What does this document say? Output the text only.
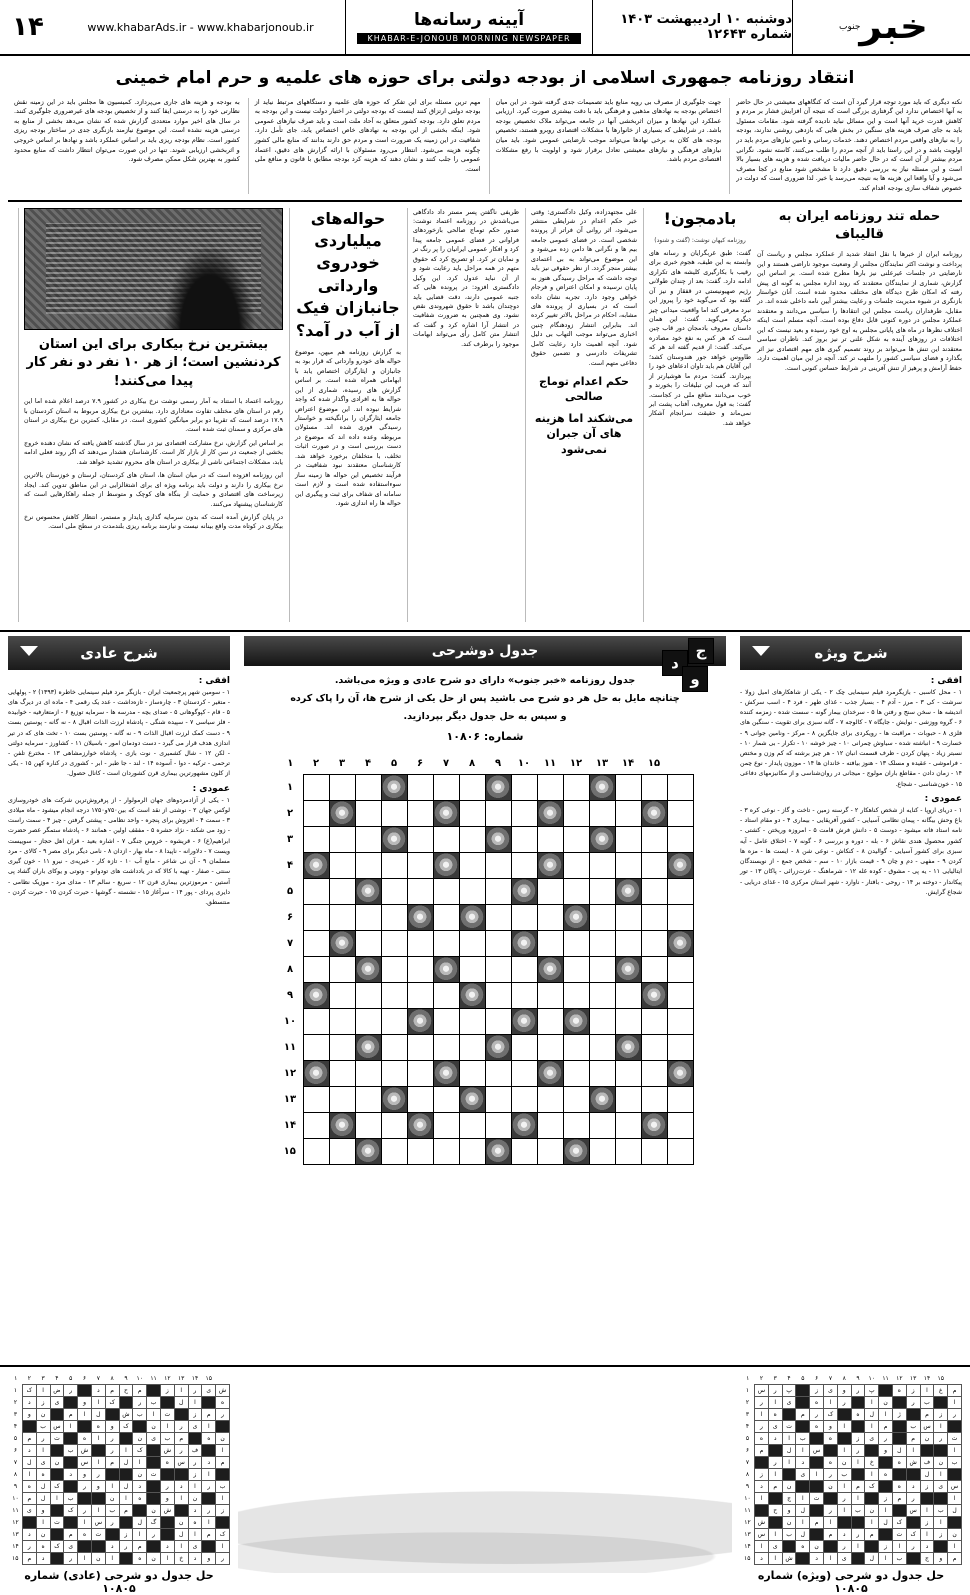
خبر
جنوب
دوشنبه ۱۰ اردیبهشت ۱۴۰۳ شماره ۱۲۶۴۳
آیینه رسانه‌ها
KHABAR-E-JONOUB MORNING NEWSPAPER
www.khabarAds.ir - www.khabarjonoub.ir
۱۴
انتقاد روزنامه جمهوری اسلامی از بودجه دولتی برای حوزه های علمیه و حرم امام خمینی
نکته دیگری که باید مورد توجه قرار گیرد آن است که کنگاههای معیشتی در حال حاضر به آنها اختصاص ندارد این گرفتاری بزرگی است که نتیجه آن افزایش فشار بر مردم و کاهش قدرت خرید آنها است و این مسائل نباید نادیده گرفته شود. مقامات مسئول باید به جای صرف هزینه های سنگین در بخش هایی که بازدهی روشنی ندارند، بودجه را به نیازهای واقعی مردم اختصاص دهند. خدمات رسانی و تامین نیازهای مردم باید در اولویت باشد و در این راستا باید از آنچه مردم را طلب می‌کنند، کاسته نشود. نگرانی مردم بیشتر از آن است که در حال حاضر مالیات دریافت شده و هزینه های بسیار بالا است و این مسئله نیاز به بررسی دقیق دارد تا مشخص شود منابع در کجا مصرف می‌شود و آیا واقعا این هزینه ها به نتیجه می‌رسد یا خیر. لذا ضروری است که دولت در خصوص شفاف سازی بودجه اقدام کند.
جهت جلوگیری از مصرف بی رویه منابع باید تصمیمات جدی گرفته شود. در این میان اختصاص بودجه به نهادهای مذهبی و فرهنگی باید با دقت بیشتری صورت گیرد. ارزیابی عملکرد این نهادها و میزان اثربخشی آنها در جامعه می‌تواند ملاک تخصیص بودجه باشد. در شرایطی که بسیاری از خانوارها با مشکلات اقتصادی روبرو هستند، تخصیص بودجه های کلان به برخی نهادها می‌تواند موجب نارضایتی عمومی شود. باید میان نیازهای فرهنگی و نیازهای معیشتی تعادل برقرار شود و اولویت با رفع مشکلات اقتصادی مردم باشد.
مهم ترین مسئله برای این تفکر که حوزه های علمیه و دستگاههای مرتبط نیاید از بودجه دولتی ارتزاق کنند اینست که بودجه دولتی در اختیار دولت نیست و این بودجه به مردم تعلق دارد. بودجه کشور متعلق به آحاد ملت است و باید صرف نیازهای عمومی شود. اینکه بخشی از این بودجه به نهادهای خاص اختصاص یابد، جای تأمل دارد. شفافیت در این زمینه یک ضرورت است و مردم حق دارند بدانند که منابع مالی کشور چگونه هزینه می‌شود. انتظار می‌رود مسئولان با ارائه گزارش های دقیق، اعتماد عمومی را جلب کنند و نشان دهند که هزینه کرد بودجه مطابق با قانون و منافع ملی است.
به بودجه و هزینه های جاری می‌پردازد. کمیسیون ها مجلس باید در این زمینه نقش نظارتی خود را به درستی ایفا کنند و از تخصیص بودجه های غیرضروری جلوگیری کنند. در سال های اخیر موارد متعددی گزارش شده که نشان می‌دهد بخشی از منابع به درستی هزینه نشده است. این موضوع نیازمند بازنگری جدی در ساختار بودجه ریزی کشور است. نظام بودجه ریزی باید بر اساس عملکرد باشد و نهادها بر اساس خروجی و اثربخشی ارزیابی شوند. تنها در این صورت می‌توان انتظار داشت که منابع محدود کشور به بهترین شکل ممکن مصرف شود.
حمله تند روزنامه ایران به قالیباف
روزنامه ایران از خبرها با نقل انتقاد شدید از عملکرد مجلس و ریاست آن پرداخت و نوشت اکثر نمایندگان مجلس از وضعیت موجود ناراضی هستند و این نارضایتی در جلسات غیرعلنی نیز بارها مطرح شده است. بر اساس این گزارش، شماری از نمایندگان معتقدند که روند اداره مجلس به گونه ای پیش رفته که امکان طرح دیدگاه های مختلف محدود شده است. آنان خواستار بازنگری در شیوه مدیریت جلسات و رعایت بیشتر آیین نامه داخلی شده اند. در مقابل، طرفداران ریاست مجلس این انتقادها را سیاسی می‌دانند و معتقدند عملکرد مجلس در دوره کنونی قابل دفاع بوده است. آنچه مسلم است اینکه اختلاف نظرها در ماه های پایانی مجلس به اوج خود رسیده و بعید نیست که این اختلافات در روزهای آینده به شکل علنی تر نیز بروز کند. ناظران سیاسی معتقدند این تنش ها می‌تواند بر روند تصمیم گیری های مهم اقتصادی نیز اثر بگذارد و فضای سیاسی کشور را ملتهب تر کند. آنچه در این میان اهمیت دارد، حفظ آرامش و پرهیز از تنش آفرینی در شرایط حساس کنونی است.
بادمجون!
روزنامه کیهان نوشت: (گفت و شنود)
گفت: طبق غربگرایان و رسانه های وابسته به این طیف، هجوم خبری برای رقیب با بکارگیری کلیشه های تکراری ادامه دارد. گفت: بعد از چندان طولانی رژیم صهیونیستی در قفقاز و نیز آن گفته بود که می‌گوید خود را پیروز این نبرد معرفی کند اما واقعیت میدانی چیز دیگری می‌گوید. گفت: این همان داستان معروف بادمجان دور قاب چین است که هر کس به نفع خود مصادره می‌کند. گفت: از قدیم گفته اند هر که طاووس خواهد جور هندوستان کشد؛ این آقایان هم باید تاوان ادعاهای خود را بپردازند. گفت: مردم ما هوشیارتر از آنند که فریب این تبلیغات را بخورند و خوب می‌دانند منافع ملی در کجاست. گفت: به قول معروف، آفتاب پشت ابر نمی‌ماند و حقیقت سرانجام آشکار خواهد شد.
علی مجتهدزاده، وکیل دادگستری: وقتی خبر حکم اعدام در شرایطی منتشر می‌شود، اثر روانی آن فراتر از پرونده شخصی است. در فضای عمومی جامعه بیم ها و نگرانی ها دامن زده می‌شود و این موضوع می‌تواند به بی اعتمادی بیشتر منجر گردد. از نظر حقوقی نیز باید توجه داشت که مراحل رسیدگی هنوز به پایان نرسیده و امکان اعتراض و فرجام خواهی وجود دارد. تجربه نشان داده است که در بسیاری از پرونده های مشابه، احکام در مراحل بالاتر تغییر کرده اند. بنابراین انتشار زودهنگام چنین اخباری می‌تواند موجب التهاب بی دلیل شود. آنچه اهمیت دارد رعایت کامل تشریفات دادرسی و تضمین حقوق دفاعی متهم است.
حکم اعدام توماج صالحی
می‌شکند اما هزینه های آن جبران نمی‌شود
ظریفی ناگفتن پسر مستر داد دادگاهی می‌باشدش در روزنامه اعتماد نوشت: صدور حکم توماج صالحی بازخوردهای فراوانی در فضای عمومی جامعه پیدا کرد و افکار عمومی ایرانیان را پر رنگ تر و نمایان تر کرد. او تصریح کرد که حقوق متهم در همه مراحل باید رعایت شود و از آن نباید عدول کرد. این وکیل دادگستری افزود: در پرونده هایی که جنبه عمومی دارند، دقت قضایی باید دوچندان باشد تا حقوق شهروندی نقض نشود. وی همچنین به ضرورت شفافیت در انتشار آرا اشاره کرد و گفت که انتشار متن کامل رأی می‌تواند ابهامات موجود را برطرف کند.
حواله‌های میلیاردی خودروی وارداتی جانبازان فیک از آب در آمد؟
به گزارش روزنامه هم میهن، موضوع حواله های خودرو وارداتی که قرار بود به جانبازان و ایثارگران اختصاص یابد با ابهاماتی همراه شده است. بر اساس گزارش های رسیده، شماری از این حواله ها به افرادی واگذار شده که واجد شرایط نبوده اند. این موضوع اعتراض جامعه ایثارگران را برانگیخته و خواستار رسیدگی فوری شده اند. مسئولان مربوطه وعده داده اند که موضوع در دست بررسی است و در صورت اثبات تخلف، با متخلفان برخورد خواهد شد. کارشناسان معتقدند نبود شفافیت در فرآیند تخصیص این حواله ها زمینه ساز سوءاستفاده شده است و لازم است سامانه ای شفاف برای ثبت و پیگیری این حواله ها راه اندازی شود.
بیشترین نرخ بیکاری برای این استان کردنشین است؛ از هر ۱۰ نفر دو نفر کار پیدا می‌کنند!
روزنامه اعتماد با استناد به آمار رسمی نوشت نرخ بیکاری در کشور ۷.۹ درصد اعلام شده اما این رقم در استان های مختلف تفاوت معناداری دارد. بیشترین نرخ بیکاری مربوط به استان کردستان با ۱۷.۹ درصد است که تقریبا دو برابر میانگین کشوری است. در مقابل، کمترین نرخ بیکاری در استان های مرکزی و سمنان ثبت شده است.
بر اساس این گزارش، نرخ مشارکت اقتصادی نیز در سال گذشته کاهش یافته که نشان دهنده خروج بخشی از جمعیت در سن کار از بازار کار است. کارشناسان هشدار می‌دهند که اگر روند فعلی ادامه یابد، مشکلات اجتماعی ناشی از بیکاری در استان های محروم تشدید خواهد شد.
این روزنامه افزوده است که در میان استان ها، استان های کردستان، لرستان و خوزستان بالاترین نرخ بیکاری را دارند و دولت باید برنامه ویژه ای برای اشتغالزایی در این مناطق تدوین کند. ایجاد زیرساخت های اقتصادی و حمایت از بنگاه های کوچک و متوسط از جمله راهکارهایی است که کارشناسان پیشنهاد می‌کنند.
در پایان گزارش آمده است که بدون سرمایه گذاری پایدار و مستمر، انتظار کاهش محسوس نرخ بیکاری در کوتاه مدت واقع بینانه نیست و نیازمند برنامه ریزی بلندمدت در سطح ملی است.
شرح ویژه
افقی :
۱ - محل کاسبی - بازیگرمرد فیلم سینمایی چک ۲ - یکی از شاهکارهای امیل زولا - سرشت - کی ۳ - مرز - آدم ۴ - بسیار جذب - غذای طهر - فرد ۴ - اسب سرکش - اندیشه ها - سخن سنج و رفتن ها ۵ - سرخدان بیمار گونه - سست شده - زمزمه کننده ۶ - گروه ووزشی - نوایش - جایگاه ۷ - کالوجه ۷ - گانه سبزی برای تقویت - سنگین های فلزی ۸ - حبوبات - مراقبت ها - رویکردی برای جایگزین ۸ - مرکز - ونامین جوانی ۹ - خسارت ۹ - انباشته شده - سیاوش چمرانی ۱۰ - چیز خوشه ۱۰ - تکرار - بی شمار ۱۰ - نسبتر زیاد - پنهان کردن - ظرف قسمت انبان ۱۲ - هر چیز برشته که کم وزن و مختص - فراموشی - عقیده و مسلک ۱۳ - هنوز بیافته - خاندان ها ۱۴ - موزون پایدار - نوع چمن ۱۴ - زمان دادن - مقاطع باران مولوج - میجانی در روان‌شناسی و از مکانیزمهای دفاعی ۱۵ - خون‌شناسی - شجاع.
عمودی :
۱ - دریای اروپا - کنایه از شخص کناهکار ۲ - گرسنه زمین - تاخت و گاز - نوعی کره ۳ - باغ وحش بیگانه - پیمان نظامی آسیایی - کشور آفریقایی - بیماری ۴ - دو مقام استاد - نامه استاد فاته میشود - دوست ۵ - دانش فرش قامت ۵ - امروزه وریختن - کشتی - کشور محصول هندی نقاش ۶ - بله - دوره و بررسی ۶ - گونه ۷ - اختلاق عامل - آیه سبزی برای کشور آسیایی - گوالیدن ۸ - کنکاش - نوعی شن ۸ - ایست ها - مزه ها کردن ۹ - مفهی - دم و چان ۹ - قیمت بازار ۱۰ - سم - شخص جمع - از نویسندگان ایتالیایی ۱۱ - یه پی - مشوق - کوده غله ۱۲ - شرماهنگ - عزت‌زرائی - پاکان ۱۳ - تور پیکاندار - دوخته بر ۱۴ - روحی - بافتار - ناوارد - شهر استان مرکزی ۱۵ - غذای دریایی - شجاع گرایش.
ج
د
و
جدول دوشرحی
جدول روزنامه «خبر جنوب» دارای دو شرح عادی و ویژه می‌باشد.
چنانچه مایل به حل هر دو شرح می باشید پس از حل یکی از شرح ها، آن را پاک کرده
و سپس به حل جدول دیگر بپردازید.
شماره: ۱۰۸۰۶
	۱۵	۱۴	۱۳	۱۲	۱۱	۱۰	۹	۸	۷	۶	۵	۴	۳	۲	۱
															۱
															۲
															۳
															۴
															۵
															۶
															۷
															۸
															۹
															۱۰
															۱۱
															۱۲
															۱۳
															۱۴
															۱۵
شرح عادی
افقی :
۱ - سومین شهر پرجمعیت ایران - بازیگر مرد فیلم سینمایی خاطره (۱۳۹۳) ۲ - پولهایی - متغیر - کردستان ۳ - چاره‌ساز - تازه‌داشت - عدد یک رقمی ۴ - ماده ای در دیرگ های ۵ - قام - کپوگوهانی ۵ - صدای بچه - مدرسه ها - سرمایه توزیع ۶ - ازمتعارفیه - خوابیده - فلز سیاسی ۷ - سپیده شنگی - پادشاه لرزت الذات اقبال ۸ - نه گانه - پوستین بست ۹ - دست کمک لرزت اقبال الذات ۹ - نه گانه - پوستین بست ۱۰ - تخت های که در تیر اندازی هدف قرار می گیرد - دست دودمان امور - باسیلان ۱۱ - کشاورز - سرمایه دولتی - لکن ۱۲ - شال کشمیری - نوت بازی - پادشاه خوارزمشاهی ۱۳ - مخترع تلفن - ترحمی - ترکیه - دوا - آسوده ۱۴ - لند - جا طبر - ابر - کشوری در کناره کهن ۱۵ - یکی از کلون مشهورترین بیماری قرن کشوردان است - کانال حصول.
عمودی :
۱ - یکی از آزادمردوهای جهان الرمولوار - از پرفروش‌ترین شرکت های خودروسازی لوکس جهان ۲ - نوشتی از نقد است که بین۷۵۰و۱۷۵۰ درجه انجام میشود - ماه میلادی ۳ - سمت ۴ - افزوش برای پنجره - واحد نظامی - پیشتی گرفتن - چیز ۴ - سمت راست - زود می شکند - نژاد حشره ۵ - مفقف اولین - همانند ۶ - پادشاه ستمگر عصر حضرت ابراهیم(ع) ۶ - قریشوه - خروس جنگی ۷ - اشاره بعید - قران اهل حجاز - سوییست ویست ۷ - دلاورانه - ناپیدا ۸ - ماه بهار - ازدان ۸ - نامی دیگر برای مصر ۹ - کالای - مرد مسلمان ۹ - آن نی شاعر - مانع آب ۱۰ - تازه کار - خیریه‌ی - نیرو ۱۱ - خون گیری سنتی - صفار - تهیه با کالا که در یادداشت های تودوانو - وتوتی و یوکای باران گشاد پی آستین - مرموزترین بیماری قرن ۱۲ - سریع - سالم ۱۳ - مدای مرد - موزیک نظامی - دایری پردای - پور ۱۴ - سرآغاز ۱۵ - نشسته - گوشها - حیرت کردن ۱۵ - حیرت کردن - منتسطق.
	۱۵	۱۴	۱۳	۱۲	۱۱	۱۰	۹	۸	۷	۶	۵	۴	۳	۲	۱
م	غ	ا	ز	ه		پ	ر	و	ی	ز		پ	ر	س	۱
ا		ب	ر		ن	ا		ر	ا	ه		ی	ا	ر	۲
ر	ز	م		ژ	ا	ل	ه		ک	ر	م		ه	ا	۳
	ا	س	ب		م	ا		ا	و	ه		ت	ی	ر	۴
ت	ر	ن	م		ر	ی	ز		ه		ب	ا	د	ه	۵
ا			ا	ل	و		ر	ا		س	ا	ل		م	۶
ب	ن	ف	ش	ه		خ	ا	ن	ه		د	ا	ر		۷
	ا	ل			ه	ا		ب	ر	ا	ی		ا	ز	۸
س	ی	ز	د	ه		ک	م	ا	ن			ن	م	د	۹
ا			ر	م	ز		ا	ر		ت	ا	ج		ا	۱۰
ل	ب	ا	س		ا	ن	ب	ا	ر		ل	و	ح		۱۱
	ا	ز		ک	ل	ا			ا	م	ا	ن		ش	۱۲
ن	ز	ا	ک	ت		م	ر	د	م		ل	ب	ا	س	۱۳
ا		د	ر	ا	ز		ا	ر		ن	ه		ی	ا	۱۴
م	و	ج		ب	ا	ل		ی	ا	د		ش	ا	د	۱۵
حل جدول دو شرحی (ویژه) شماره ۱۰۸۰۵
	۱۵	۱۴	۱۳	۱۲	۱۱	۱۰	۹	۸	۷	۶	۵	۴	۳	۲	۱
ش	ی	ر	ا	ز		م	ح	م	د		ر	ض	ا	ک	۱
ه		ا	ل		ب	ر		ک	ا	و		ی	ز	د	۲
ر	م	ز		ت	ا	ب	ش		ل	ا	م		ن	و	۳
	ا	ی	ر	ا	ن		ک	و	ه		ا	س	ب		۴
ن	ه		م	ب	ی	ن		ر	ا	ه		ت	ر	م	۵
ا		ف	ر	ش		ک	ا	ر		ش	ب		ا	د	۶
م	د	ر	س	ه		ا	ل	م	ا	س		ن	ی	ل	۷
	ا	ز			ت	ن			ر	و	د		ه	ا	۸
ب	ر	ا	د	ر		د	ل	ا	و	ر		ک	ل	ه	۹
ا		ن	ا	و		ه	ا	ن			ب	ا	ل	م	۱۰
ز	ر	د		ش	ن		م	ب	ا	ر	ک		و	ی	۱۱
	ا	ه	ن		گ	ل		ر	س	ا		ت	ا		۱۲
ک	م	ا	ل		ر	ا	ز		ت	ه	م		ن	د	۱۳
ا		ی	ا	د		م	ر	د			ی	ک	ه	ر	۱۴
ر	و	د	خ	ا	ن	ه		ا	ن	ا	ر		د	م	۱۵
حل جدول دو شرحی (عادی) شماره ۱۰۸۰۵
